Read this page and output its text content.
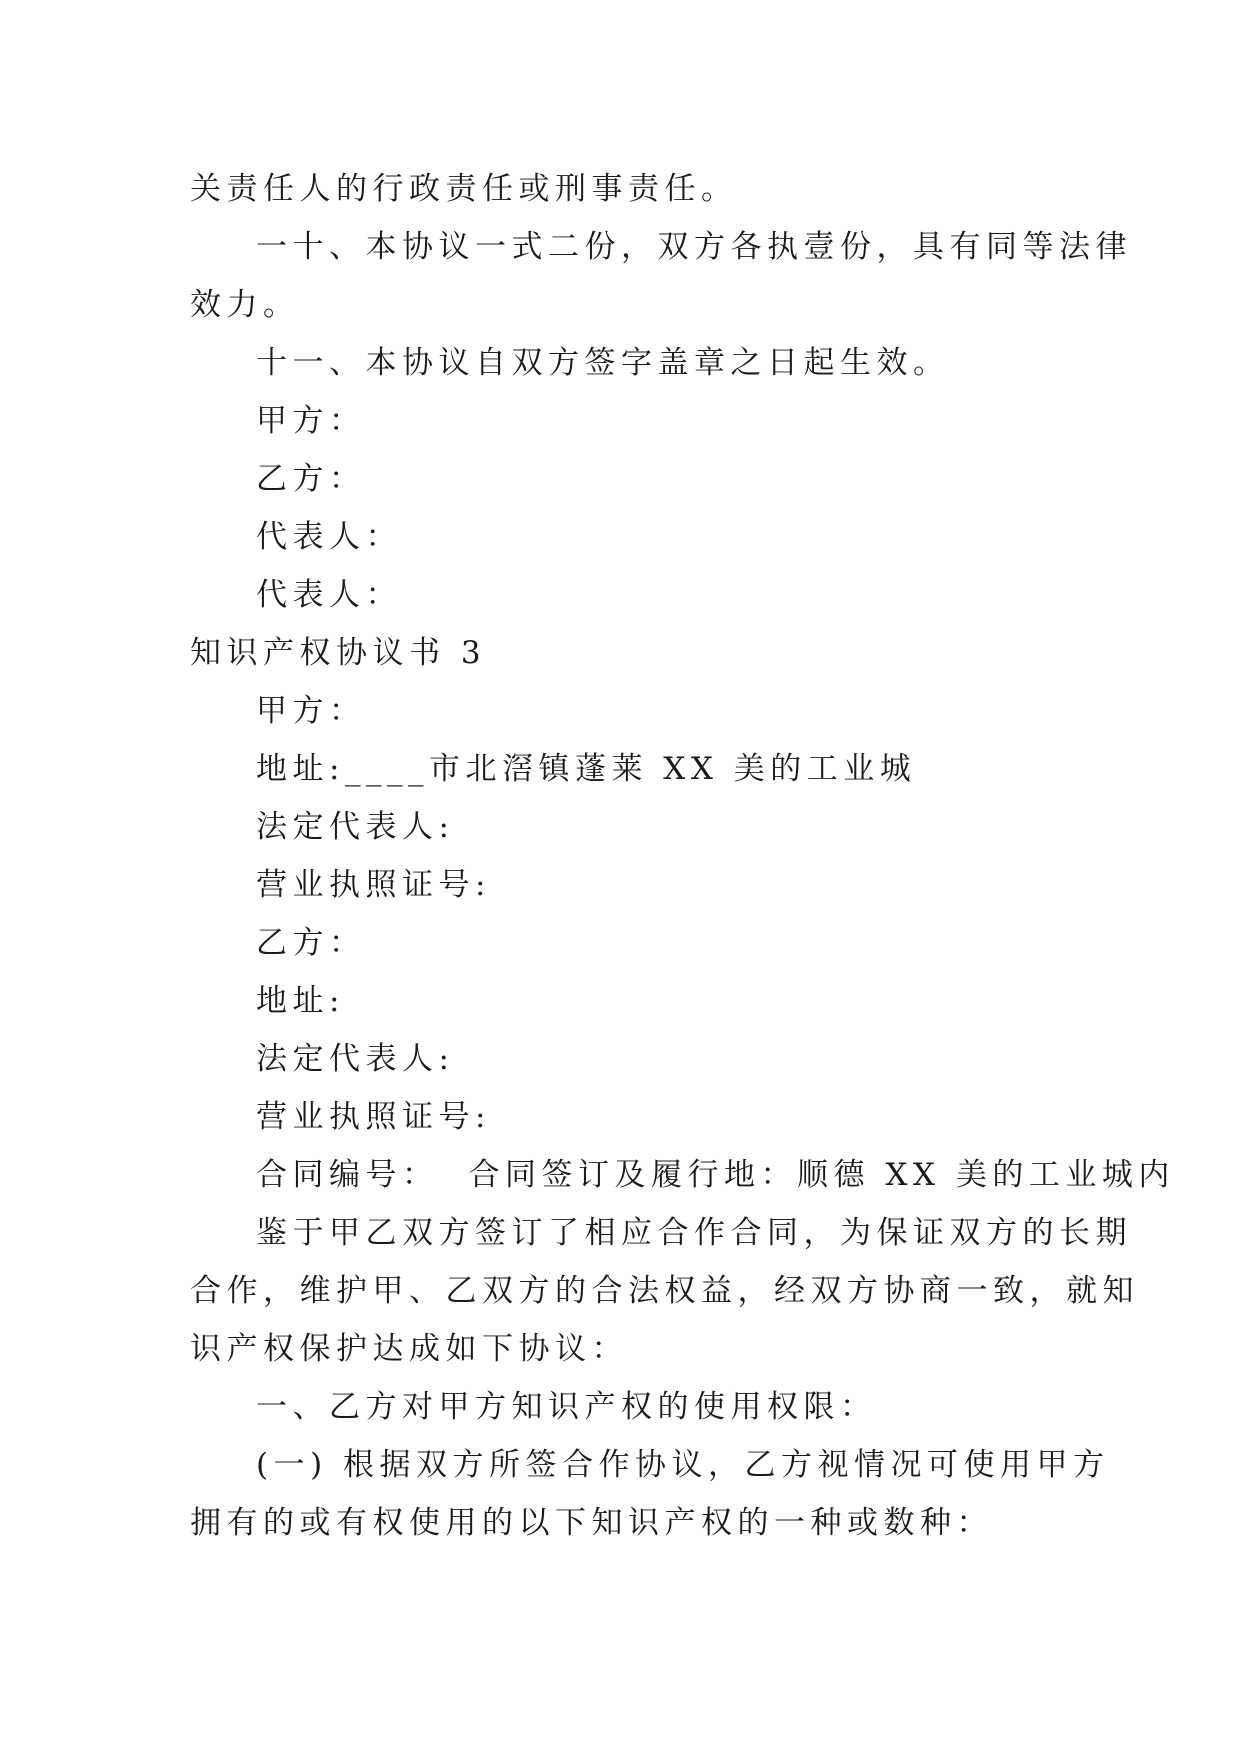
关责任人的行政责任或刑事责任。
一十、本协议一式二份，双方各执壹份，具有同等法律
效力。
十一、本协议自双方签字盖章之日起生效。
甲方：
乙方：
代表人：
代表人：
知识产权协议书 3
甲方：
地址:____市北滘镇蓬莱 XX 美的工业城
法定代表人:
营业执照证号:
乙方：
地址:
法定代表人:
营业执照证号:
合同编号： 合同签订及履行地：顺德 XX 美的工业城内
鉴于甲乙双方签订了相应合作合同，为保证双方的长期
合作，维护甲、乙双方的合法权益，经双方协商一致，就知
识产权保护达成如下协议：
一、乙方对甲方知识产权的使用权限：
(一) 根据双方所签合作协议，乙方视情况可使用甲方
拥有的或有权使用的以下知识产权的一种或数种：
